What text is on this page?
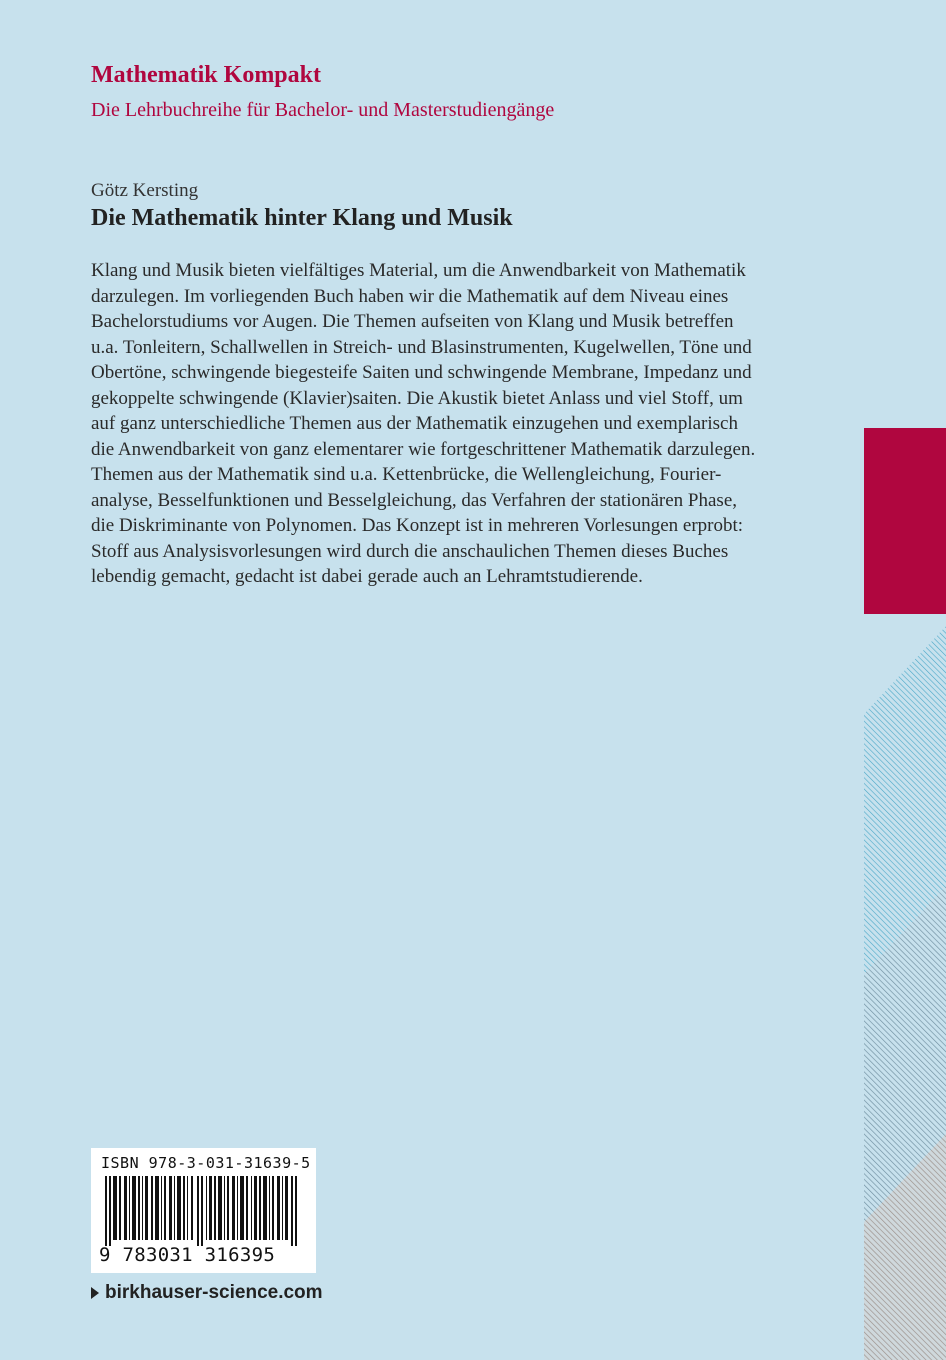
Mathematik Kompakt
Die Lehrbuchreihe für Bachelor- und Masterstudiengänge
Götz Kersting
Die Mathematik hinter Klang und Musik
Klang und Musik bieten vielfältiges Material, um die Anwendbarkeit von Mathematik
darzulegen. Im vorliegenden Buch haben wir die Mathematik auf dem Niveau eines
Bachelorstudiums vor Augen. Die Themen aufseiten von Klang und Musik betreffen
u.a. Tonleitern, Schallwellen in Streich- und Blasinstrumenten, Kugelwellen, Töne und
Obertöne, schwingende biegesteife Saiten und schwingende Membrane, Impedanz und
gekoppelte schwingende (Klavier)saiten. Die Akustik bietet Anlass und viel Stoff, um
auf ganz unterschiedliche Themen aus der Mathematik einzugehen und exemplarisch
die Anwendbarkeit von ganz elementarer wie fortgeschrittener Mathematik darzulegen.
Themen aus der Mathematik sind u.a. Kettenbrücke, die Wellengleichung, Fourier-
analyse, Besselfunktionen und Besselgleichung, das Verfahren der stationären Phase,
die Diskriminante von Polynomen. Das Konzept ist in mehreren Vorlesungen erprobt:
Stoff aus Analysisvorlesungen wird durch die anschaulichen Themen dieses Buches
lebendig gemacht, gedacht ist dabei gerade auch an Lehramtstudierende.
ISBN 978-3-031-31639-5
9 783031 316395
birkhauser-science.com
